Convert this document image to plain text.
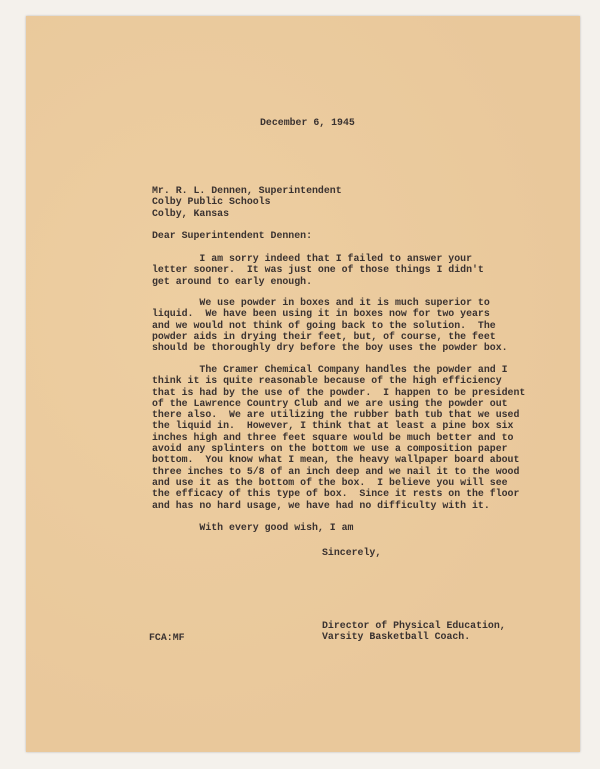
December 6, 1945
Mr. R. L. Dennen, Superintendent
Colby Public Schools
Colby, Kansas
Dear Superintendent Dennen:
I am sorry indeed that I failed to answer your
letter sooner.  It was just one of those things I didn't
get around to early enough.
We use powder in boxes and it is much superior to
liquid.  We have been using it in boxes now for two years
and we would not think of going back to the solution.  The
powder aids in drying their feet, but, of course, the feet
should be thoroughly dry before the boy uses the powder box.
The Cramer Chemical Company handles the powder and I
think it is quite reasonable because of the high efficiency
that is had by the use of the powder.  I happen to be president
of the Lawrence Country Club and we are using the powder out
there also.  We are utilizing the rubber bath tub that we used
the liquid in.  However, I think that at least a pine box six
inches high and three feet square would be much better and to
avoid any splinters on the bottom we use a composition paper
bottom.  You know what I mean, the heavy wallpaper board about
three inches to 5/8 of an inch deep and we nail it to the wood
and use it as the bottom of the box.  I believe you will see
the efficacy of this type of box.  Since it rests on the floor
and has no hard usage, we have had no difficulty with it.
With every good wish, I am
Sincerely,
Director of Physical Education,
Varsity Basketball Coach.
FCA:MF
